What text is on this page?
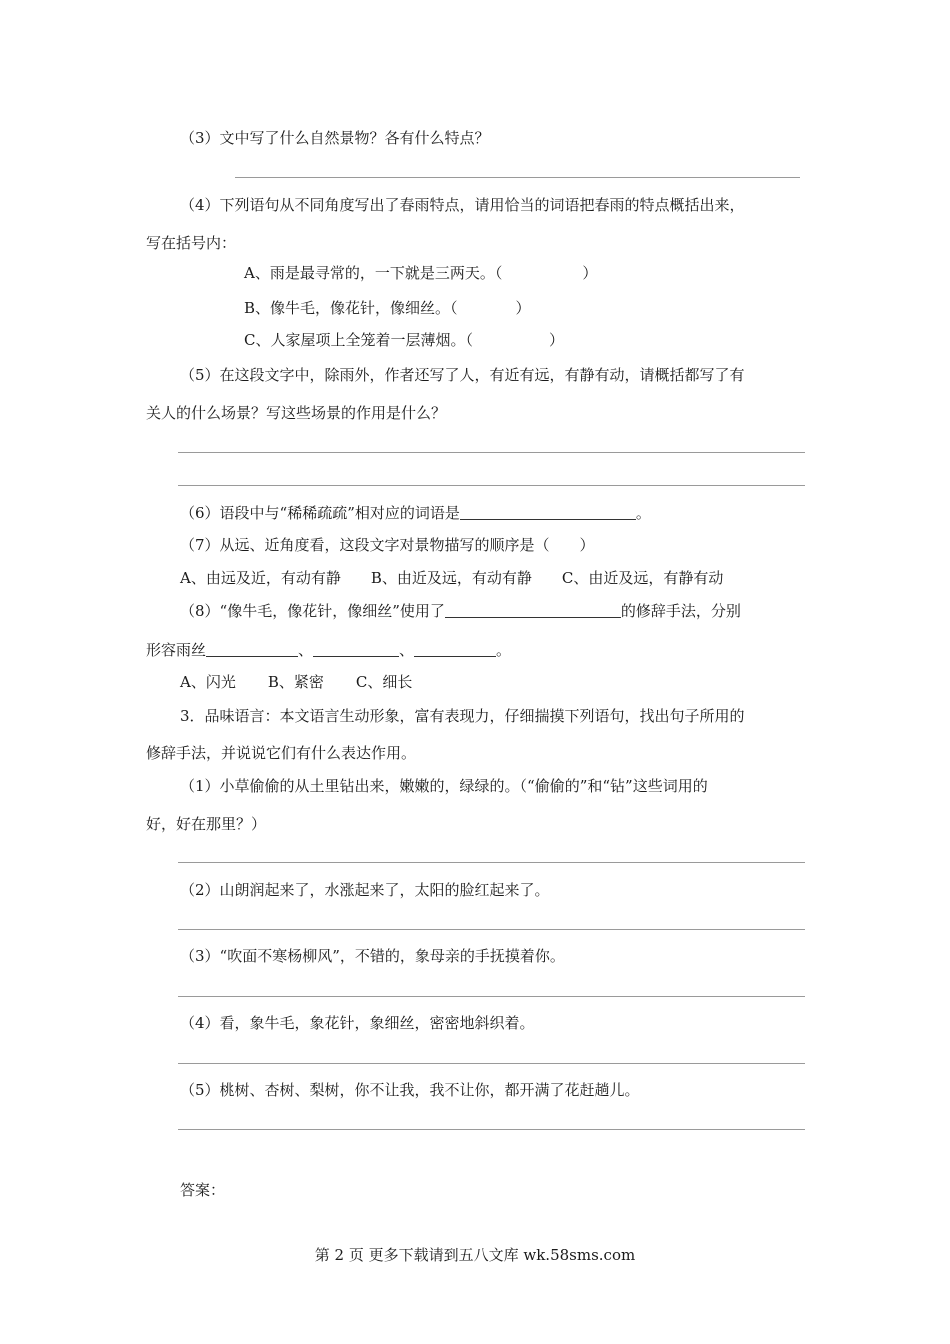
（3）文中写了什么自然景物？各有什么特点？
（4）下列语句从不同角度写出了春雨特点，请用恰当的词语把春雨的特点概括出来，
写在括号内：
A、雨是最寻常的，一下就是三两天。（	）
B、像牛毛，像花针，像细丝。（	）
C、人家屋项上全笼着一层薄烟。（	）
（5）在这段文字中，除雨外，作者还写了人，有近有远，有静有动，请概括都写了有
关人的什么场景？写这些场景的作用是什么？
（6）语段中与“稀稀疏疏”相对应的词语是	。
（7）从远、近角度看，这段文字对景物描写的顺序是（　　）
A、由远及近，有动有静 B、由近及远，有动有静 C、由近及远，有静有动
（8）“像牛毛，像花针，像细丝”使用了	的修辞手法，分别
形容雨丝	、	、	。
A、闪光 B、紧密 C、细长
3．品味语言：本文语言生动形象，富有表现力，仔细揣摸下列语句，找出句子所用的
修辞手法，并说说它们有什么表达作用。
（1）小草偷偷的从土里钻出来，嫩嫩的，绿绿的。（“偷偷的”和“钻”这些词用的
好，好在那里？）
（2）山朗润起来了，水涨起来了，太阳的脸红起来了。
（3）“吹面不寒杨柳风”，不错的，象母亲的手抚摸着你。
（4）看，象牛毛，象花针，象细丝，密密地斜织着。
（5）桃树、杏树、梨树，你不让我，我不让你，都开满了花赶趟儿。
答案：
第 2 页 更多下载请到五八文库 wk.58sms.com
